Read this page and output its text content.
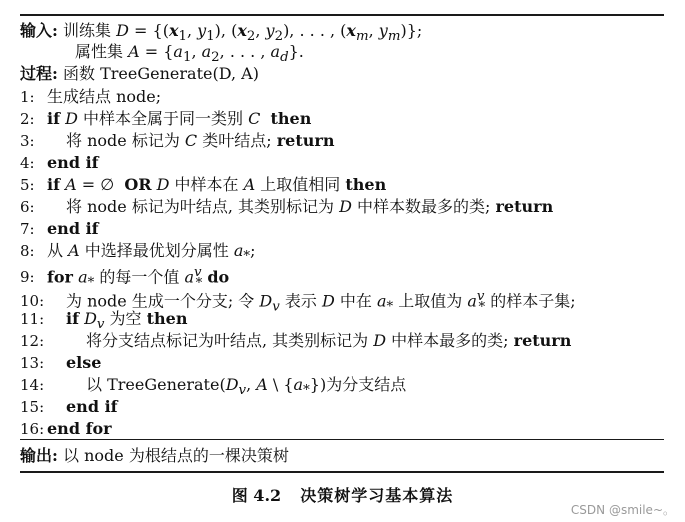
输入: 训练集 $D = \{(x_1$, $y_1$), ($x_2$, $y_2$), . . . , ($x_m$, $y_m$)};
属性集 $A = \{a_1$, $a_2$, . . . , $a_d$}.
过程: 函数 TreeGenerate(D, A)
1: 生成结点 node;
2: if D 中样本全属于同一类别 C then
3: 将 node 标记为 C 类叶结点; return
4: end if
5: if A = ∅  OR D 中样本在 A 上取值相同 then
6: 将 node 标记为叶结点, 其类别标记为 D 中样本数最多的类; return
7: end if
8: 从 A 中选择最优划分属性 $a_*$;
9: for $a_*$ 的每一个值 $a^v_*$ do
10: 为 node 生成一个分支; 令 $D_v$ 表示 D 中在 $a_*$ 上取值为 $a^v_*$ 的样本子集;
11: if $D_v$ 为空 then
12:	将分支结点标记为叶结点, 其类别标记为 D 中样本最多的类; return
13: else
14:	以 $TreeGenerate(D_v$, A \ $\{a_*\}$)为分支结点
15: end if
16: end for
输出: 以 node 为根结点的一棵决策树
图 4.2 决策树学习基本算法
CSDN @smile~。
